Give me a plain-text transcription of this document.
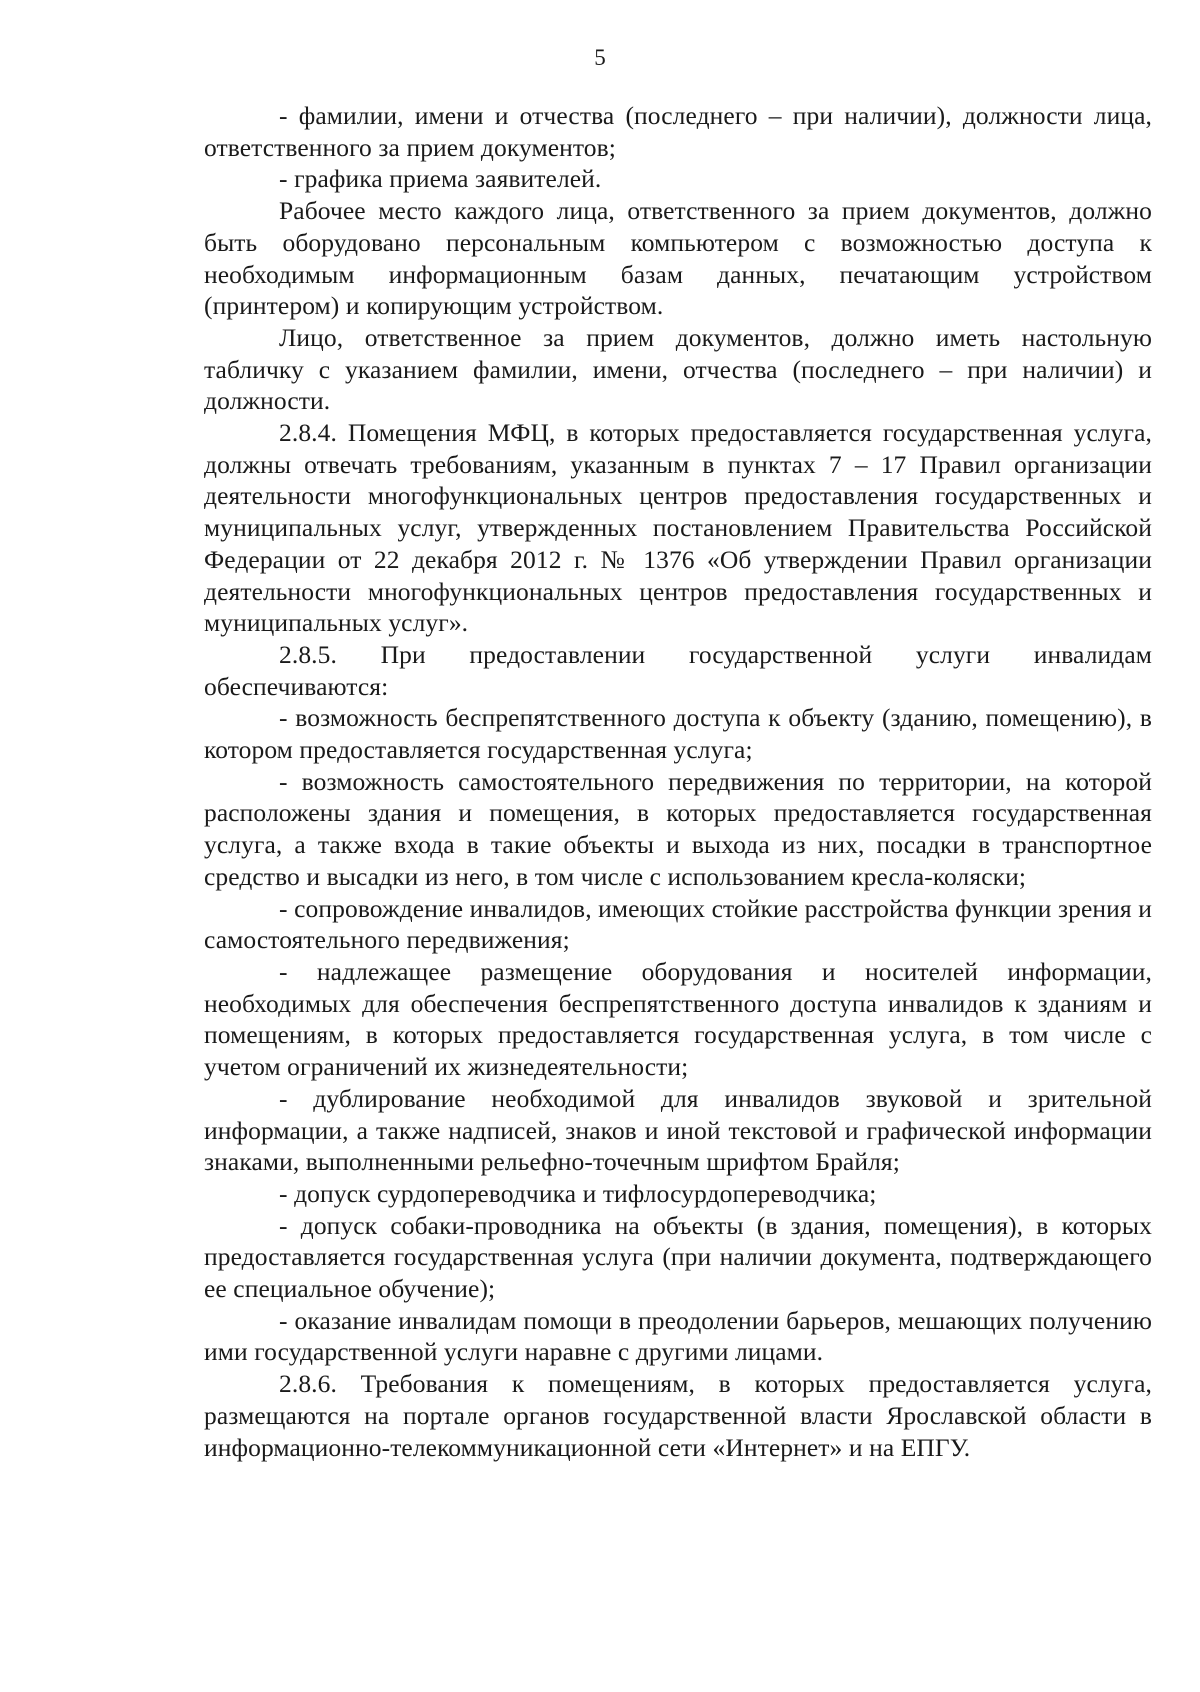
5

- фамилии, имени и отчества (последнего – при наличии), должности лица, ответственного за прием документов;

- графика приема заявителей.

Рабочее место каждого лица, ответственного за прием документов, должно быть оборудовано персональным компьютером с возможностью доступа к необходимым информационным базам данных, печатающим устройством (принтером) и копирующим устройством.

Лицо, ответственное за прием документов, должно иметь настольную табличку с указанием фамилии, имени, отчества (последнего – при наличии) и должности.

2.8.4. Помещения МФЦ, в которых предоставляется государственная услуга, должны отвечать требованиям, указанным в пунктах 7 – 17 Правил организации деятельности многофункциональных центров предоставления государственных и муниципальных услуг, утвержденных постановлением Правительства Российской Федерации от 22 декабря 2012 г. № 1376 «Об утверждении Правил организации деятельности многофункциональных центров предоставления государственных и муниципальных услуг».

2.8.5. При предоставлении государственной услуги инвалидам обеспечиваются:

- возможность беспрепятственного доступа к объекту (зданию, помещению), в котором предоставляется государственная услуга;

- возможность самостоятельного передвижения по территории, на которой расположены здания и помещения, в которых предоставляется государственная услуга, а также входа в такие объекты и выхода из них, посадки в транспортное средство и высадки из него, в том числе с использованием кресла-коляски;

- сопровождение инвалидов, имеющих стойкие расстройства функции зрения и самостоятельного передвижения;

- надлежащее размещение оборудования и носителей информации, необходимых для обеспечения беспрепятственного доступа инвалидов к зданиям и помещениям, в которых предоставляется государственная услуга, в том числе с учетом ограничений их жизнедеятельности;

- дублирование необходимой для инвалидов звуковой и зрительной информации, а также надписей, знаков и иной текстовой и графической информации знаками, выполненными рельефно-точечным шрифтом Брайля;

- допуск сурдопереводчика и тифлосурдопереводчика;

- допуск собаки-проводника на объекты (в здания, помещения), в которых предоставляется государственная услуга (при наличии документа, подтверждающего ее специальное обучение);

- оказание инвалидам помощи в преодолении барьеров, мешающих получению ими государственной услуги наравне с другими лицами.

2.8.6. Требования к помещениям, в которых предоставляется услуга, размещаются на портале органов государственной власти Ярославской области в информационно-телекоммуникационной сети «Интернет» и на ЕПГУ.
